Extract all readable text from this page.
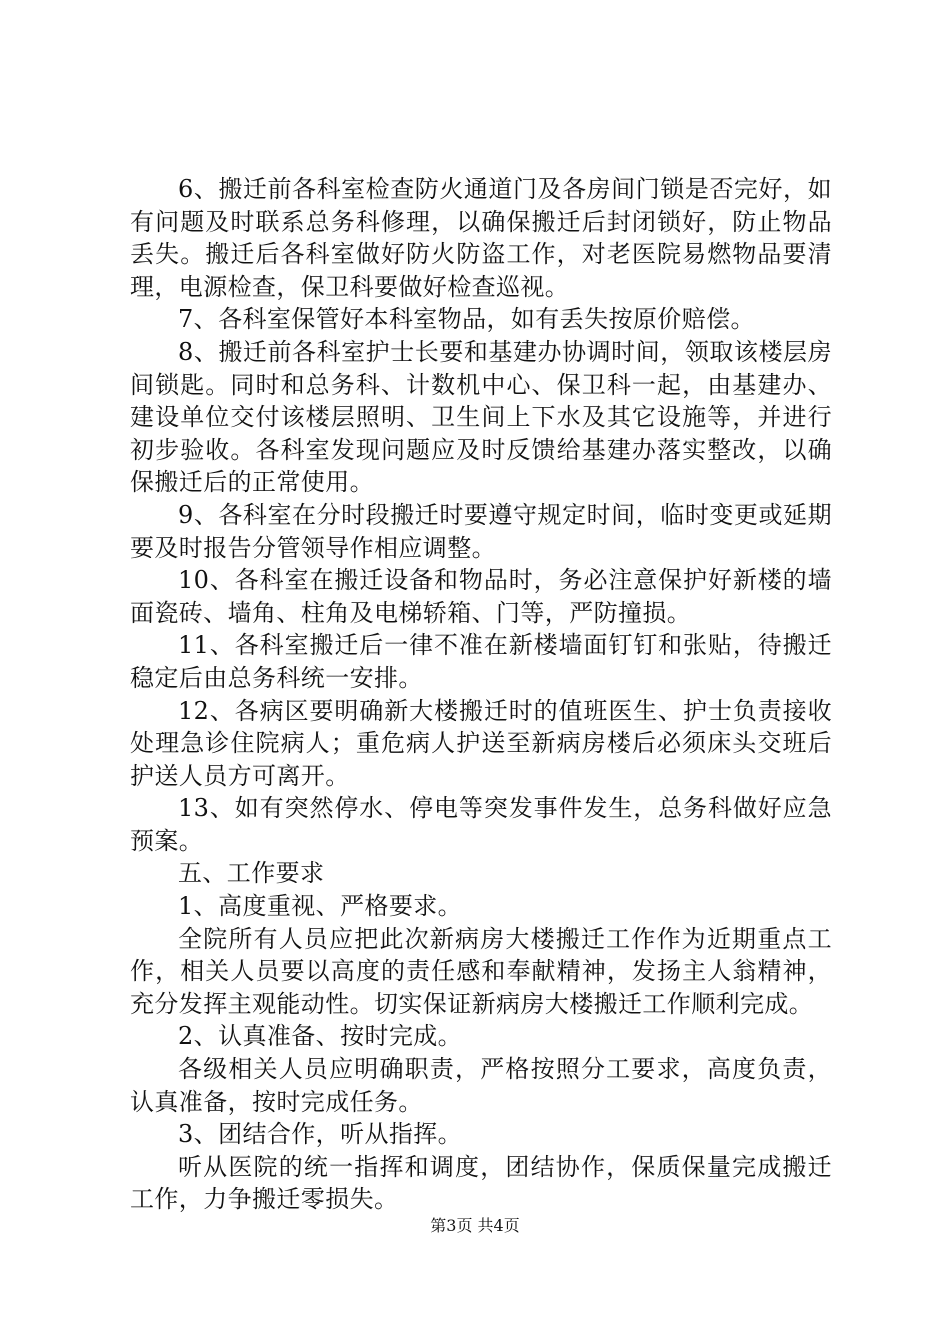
6、搬迁前各科室检查防火通道门及各房间门锁是否完好，如有问题及时联系总务科修理，以确保搬迁后封闭锁好，防止物品丢失。搬迁后各科室做好防火防盗工作，对老医院易燃物品要清理，电源检查，保卫科要做好检查巡视。

7、各科室保管好本科室物品，如有丢失按原价赔偿。

8、搬迁前各科室护士长要和基建办协调时间，领取该楼层房间锁匙。同时和总务科、计数机中心、保卫科一起，由基建办、建设单位交付该楼层照明、卫生间上下水及其它设施等，并进行初步验收。各科室发现问题应及时反馈给基建办落实整改，以确保搬迁后的正常使用。

9、各科室在分时段搬迁时要遵守规定时间，临时变更或延期要及时报告分管领导作相应调整。

10、各科室在搬迁设备和物品时，务必注意保护好新楼的墙面瓷砖、墙角、柱角及电梯轿箱、门等，严防撞损。

11、各科室搬迁后一律不准在新楼墙面钉钉和张贴，待搬迁稳定后由总务科统一安排。

12、各病区要明确新大楼搬迁时的值班医生、护士负责接收处理急诊住院病人；重危病人护送至新病房楼后必须床头交班后护送人员方可离开。

13、如有突然停水、停电等突发事件发生，总务科做好应急预案。

五、工作要求

1、高度重视、严格要求。

全院所有人员应把此次新病房大楼搬迁工作作为近期重点工作，相关人员要以高度的责任感和奉献精神，发扬主人翁精神，充分发挥主观能动性。切实保证新病房大楼搬迁工作顺利完成。

2、认真准备、按时完成。

各级相关人员应明确职责，严格按照分工要求，高度负责，认真准备，按时完成任务。

3、团结合作，听从指挥。

听从医院的统一指挥和调度，团结协作，保质保量完成搬迁工作，力争搬迁零损失。

第3页 共4页
